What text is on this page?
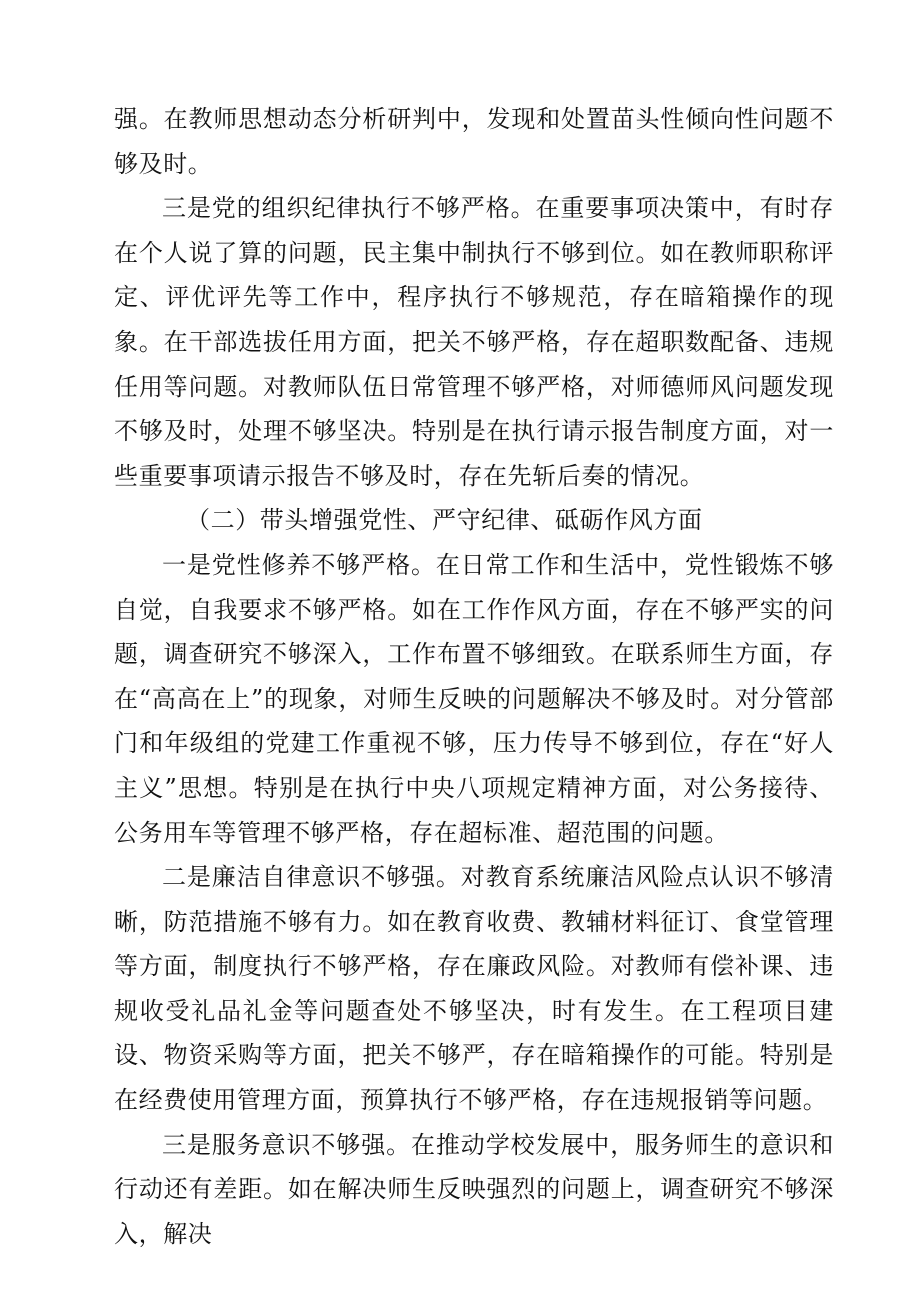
强。在教师思想动态分析研判中，发现和处置苗头性倾向性问题不够及时。

三是党的组织纪律执行不够严格。在重要事项决策中，有时存在个人说了算的问题，民主集中制执行不够到位。如在教师职称评定、评优评先等工作中，程序执行不够规范，存在暗箱操作的现象。在干部选拔任用方面，把关不够严格，存在超职数配备、违规任用等问题。对教师队伍日常管理不够严格，对师德师风问题发现不够及时，处理不够坚决。特别是在执行请示报告制度方面，对一些重要事项请示报告不够及时，存在先斩后奏的情况。

（二）带头增强党性、严守纪律、砥砺作风方面

一是党性修养不够严格。在日常工作和生活中，党性锻炼不够自觉，自我要求不够严格。如在工作作风方面，存在不够严实的问题，调查研究不够深入，工作布置不够细致。在联系师生方面，存在“高高在上”的现象，对师生反映的问题解决不够及时。对分管部门和年级组的党建工作重视不够，压力传导不够到位，存在“好人主义”思想。特别是在执行中央八项规定精神方面，对公务接待、公务用车等管理不够严格，存在超标准、超范围的问题。

二是廉洁自律意识不够强。对教育系统廉洁风险点认识不够清晰，防范措施不够有力。如在教育收费、教辅材料征订、食堂管理等方面，制度执行不够严格，存在廉政风险。对教师有偿补课、违规收受礼品礼金等问题查处不够坚决，时有发生。在工程项目建设、物资采购等方面，把关不够严，存在暗箱操作的可能。特别是在经费使用管理方面，预算执行不够严格，存在违规报销等问题。

三是服务意识不够强。在推动学校发展中，服务师生的意识和行动还有差距。如在解决师生反映强烈的问题上，调查研究不够深入，解决
